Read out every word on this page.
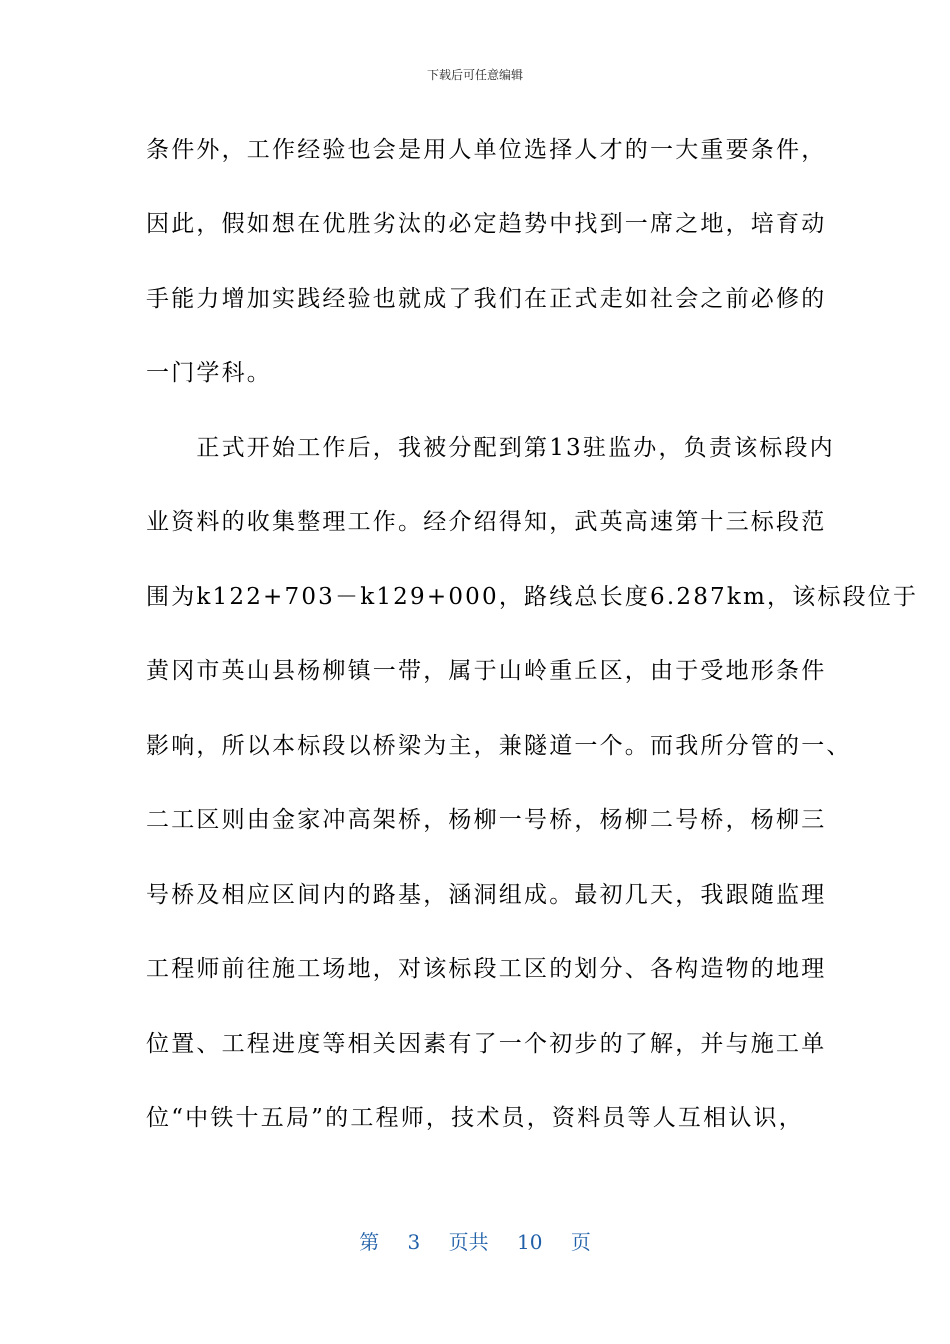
下载后可任意编辑
条件外，工作经验也会是用人单位选择人才的一大重要条件，
因此，假如想在优胜劣汰的必定趋势中找到一席之地，培育动
手能力增加实践经验也就成了我们在正式走如社会之前必修的
一门学科。
　　正式开始工作后，我被分配到第13驻监办，负责该标段内
业资料的收集整理工作。经介绍得知，武英高速第十三标段范
围为k122+703－k129+000，路线总长度6.287km，该标段位于
黄冈市英山县杨柳镇一带，属于山岭重丘区，由于受地形条件
影响，所以本标段以桥梁为主，兼隧道一个。而我所分管的一、
二工区则由金家冲高架桥，杨柳一号桥，杨柳二号桥，杨柳三
号桥及相应区间内的路基，涵洞组成。最初几天，我跟随监理
工程师前往施工场地，对该标段工区的划分、各构造物的地理
位置、工程进度等相关因素有了一个初步的了解，并与施工单
位“中铁十五局”的工程师，技术员，资料员等人互相认识，
第 3 页共 10 页
